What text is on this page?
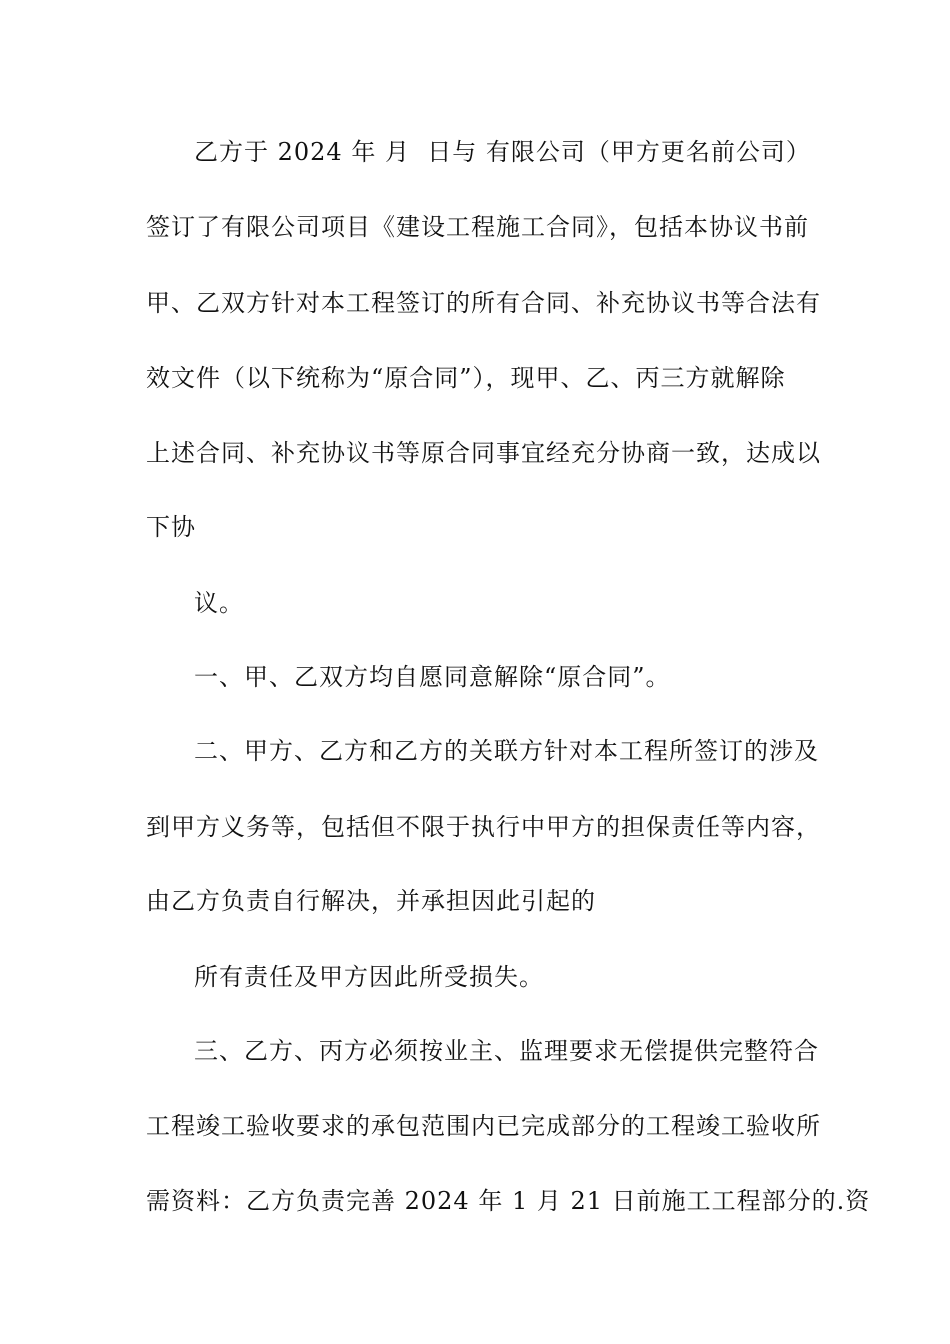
乙方于 2024 年 月  日与 有限公司（甲方更名前公司）
签订了有限公司项目《建设工程施工合同》，包括本协议书前
甲、乙双方针对本工程签订的所有合同、补充协议书等合法有
效文件（以下统称为“原合同”），现甲、乙、丙三方就解除
上述合同、补充协议书等原合同事宜经充分协商一致，达成以
下协
议。
一、甲、乙双方均自愿同意解除“原合同”。
二、甲方、乙方和乙方的关联方针对本工程所签订的涉及
到甲方义务等，包括但不限于执行中甲方的担保责任等内容，
由乙方负责自行解决，并承担因此引起的
所有责任及甲方因此所受损失。
三、乙方、丙方必须按业主、监理要求无偿提供完整符合
工程竣工验收要求的承包范围内已完成部分的工程竣工验收所
需资料：乙方负责完善 2024 年 1 月 21 日前施工工程部分的.资
